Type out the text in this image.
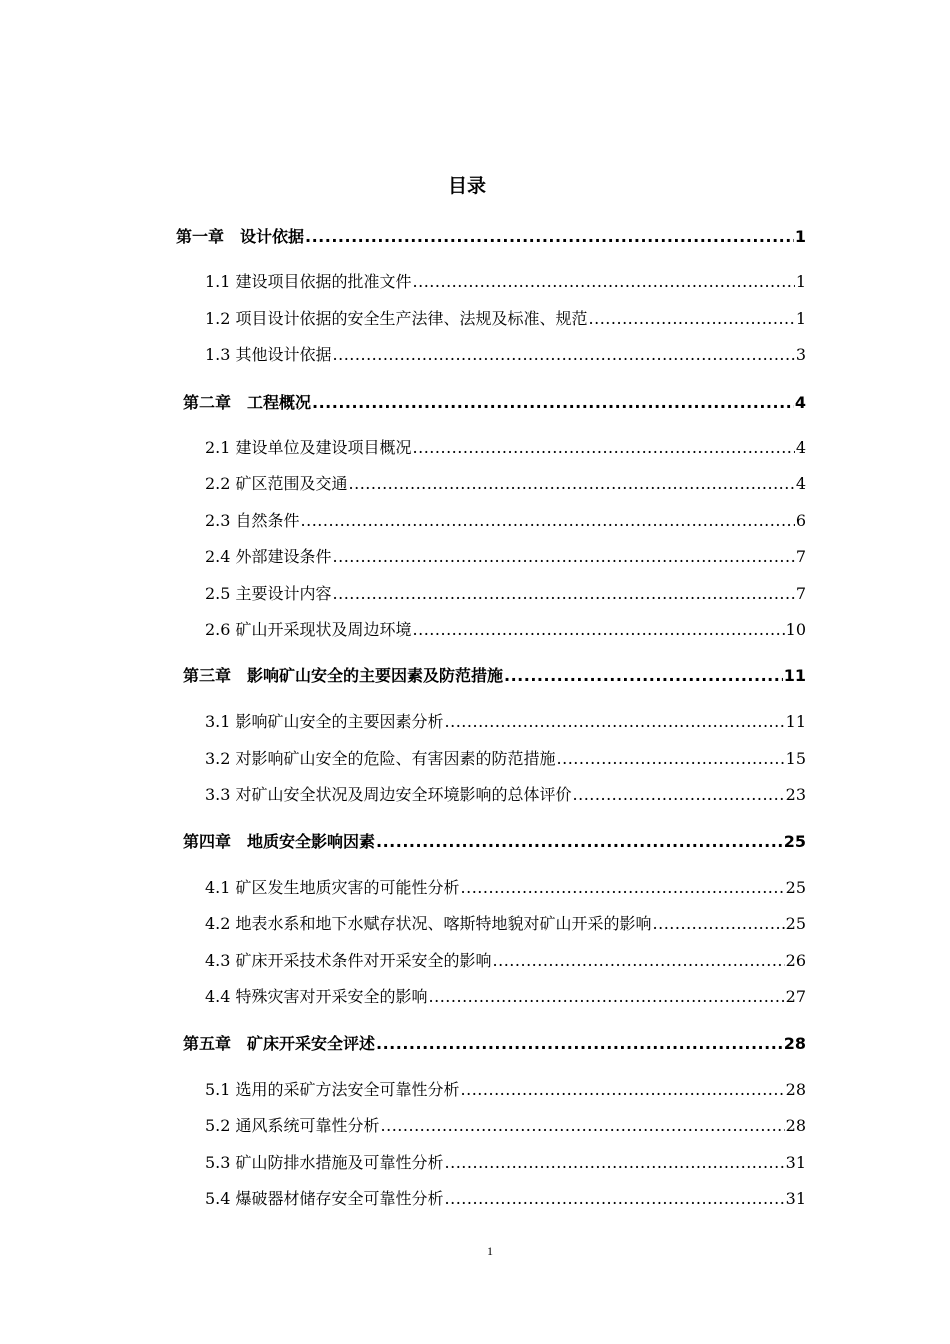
目录
第一章　设计依据 .....	1
1.1 建设项目依据的批准文件 .....	1
1.2 项目设计依据的安全生产法律、法规及标准、规范 .....	1
1.3 其他设计依据 .....	3
第二章　工程概况 .....	4
2.1 建设单位及建设项目概况 .....	4
2.2 矿区范围及交通 .....	4
2.3 自然条件 .....	6
2.4 外部建设条件 .....	7
2.5 主要设计内容 .....	7
2.6 矿山开采现状及周边环境 .....	10
第三章　影响矿山安全的主要因素及防范措施 .....	11
3.1 影响矿山安全的主要因素分析 .....	11
3.2 对影响矿山安全的危险、有害因素的防范措施 .....	15
3.3 对矿山安全状况及周边安全环境影响的总体评价 .....	23
第四章　地质安全影响因素 .....	25
4.1 矿区发生地质灾害的可能性分析 .....	25
4.2 地表水系和地下水赋存状况、喀斯特地貌对矿山开采的影响 .....	25
4.3 矿床开采技术条件对开采安全的影响 .....	26
4.4 特殊灾害对开采安全的影响 .....	27
第五章　矿床开采安全评述 .....	28
5.1 选用的采矿方法安全可靠性分析 .....	28
5.2 通风系统可靠性分析 .....	28
5.3 矿山防排水措施及可靠性分析 .....	31
5.4 爆破器材储存安全可靠性分析 .....	31
1
